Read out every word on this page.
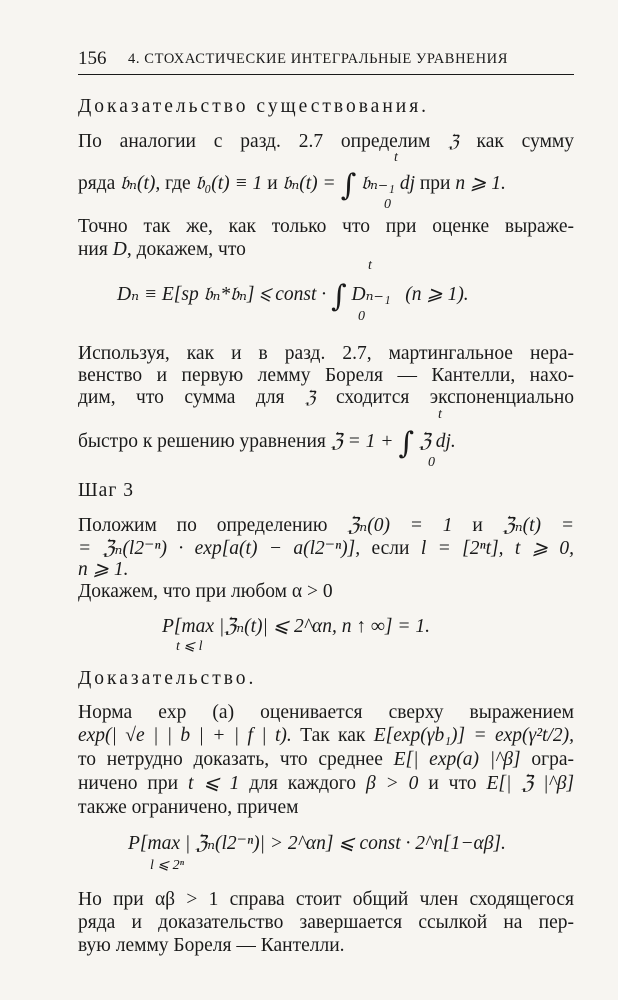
156 4. СТОХАСТИЧЕСКИЕ ИНТЕГРАЛЬНЫЕ УРАВНЕНИЯ
Доказательство существования.
По аналогии с разд. 2.7 определим ℨ как сумму
t
0
ряда 𝔟ₙ(t), где 𝔟₀(t) ≡ 1 и 𝔟ₙ(t) = ∫ 𝔟ₙ₋₁ dj при n ⩾ 1.
Точно так же, как только что при оценке выраже-
ния D, докажем, что
t
0
Dₙ ≡ E[sp 𝔟ₙ*𝔟ₙ] ⩽ const · ∫ Dₙ₋₁ (n ⩾ 1).
Используя, как и в разд. 2.7, мартингальное нера-
венство и первую лемму Бореля — Кантелли, нахо-
дим, что сумма для ℨ сходится экспоненциально
t
0
быстро к решению уравнения ℨ = 1 + ∫ ℨ dj.
Шаг 3
Положим по определению ℨₙ(0) = 1 и ℨₙ(t) =
= ℨₙ(l2⁻ⁿ) · exp[a(t) − a(l2⁻ⁿ)], если l = [2ⁿt], t ⩾ 0,
n ⩾ 1.
Докажем, что при любом α > 0
P[max |ℨₙ(t)| ⩽ 2^αn, n ↑ ∞] = 1.
t ⩽ l
Доказательство.
Норма exp (a) оценивается сверху выражением
exp(| √e | | b | + | f | t). Так как E[exp(γb₁)] = exp(γ²t/2),
то нетрудно доказать, что среднее E[| exp(a) |^β] огра-
ничено при t ⩽ 1 для каждого β > 0 и что E[| ℨ |^β]
также ограничено, причем
P[max | ℨₙ(l2⁻ⁿ)| > 2^αn] ⩽ const · 2^n[1−αβ].
l ⩽ 2ⁿ
Но при αβ > 1 справа стоит общий член сходящегося
ряда и доказательство завершается ссылкой на пер-
вую лемму Бореля — Кантелли.
